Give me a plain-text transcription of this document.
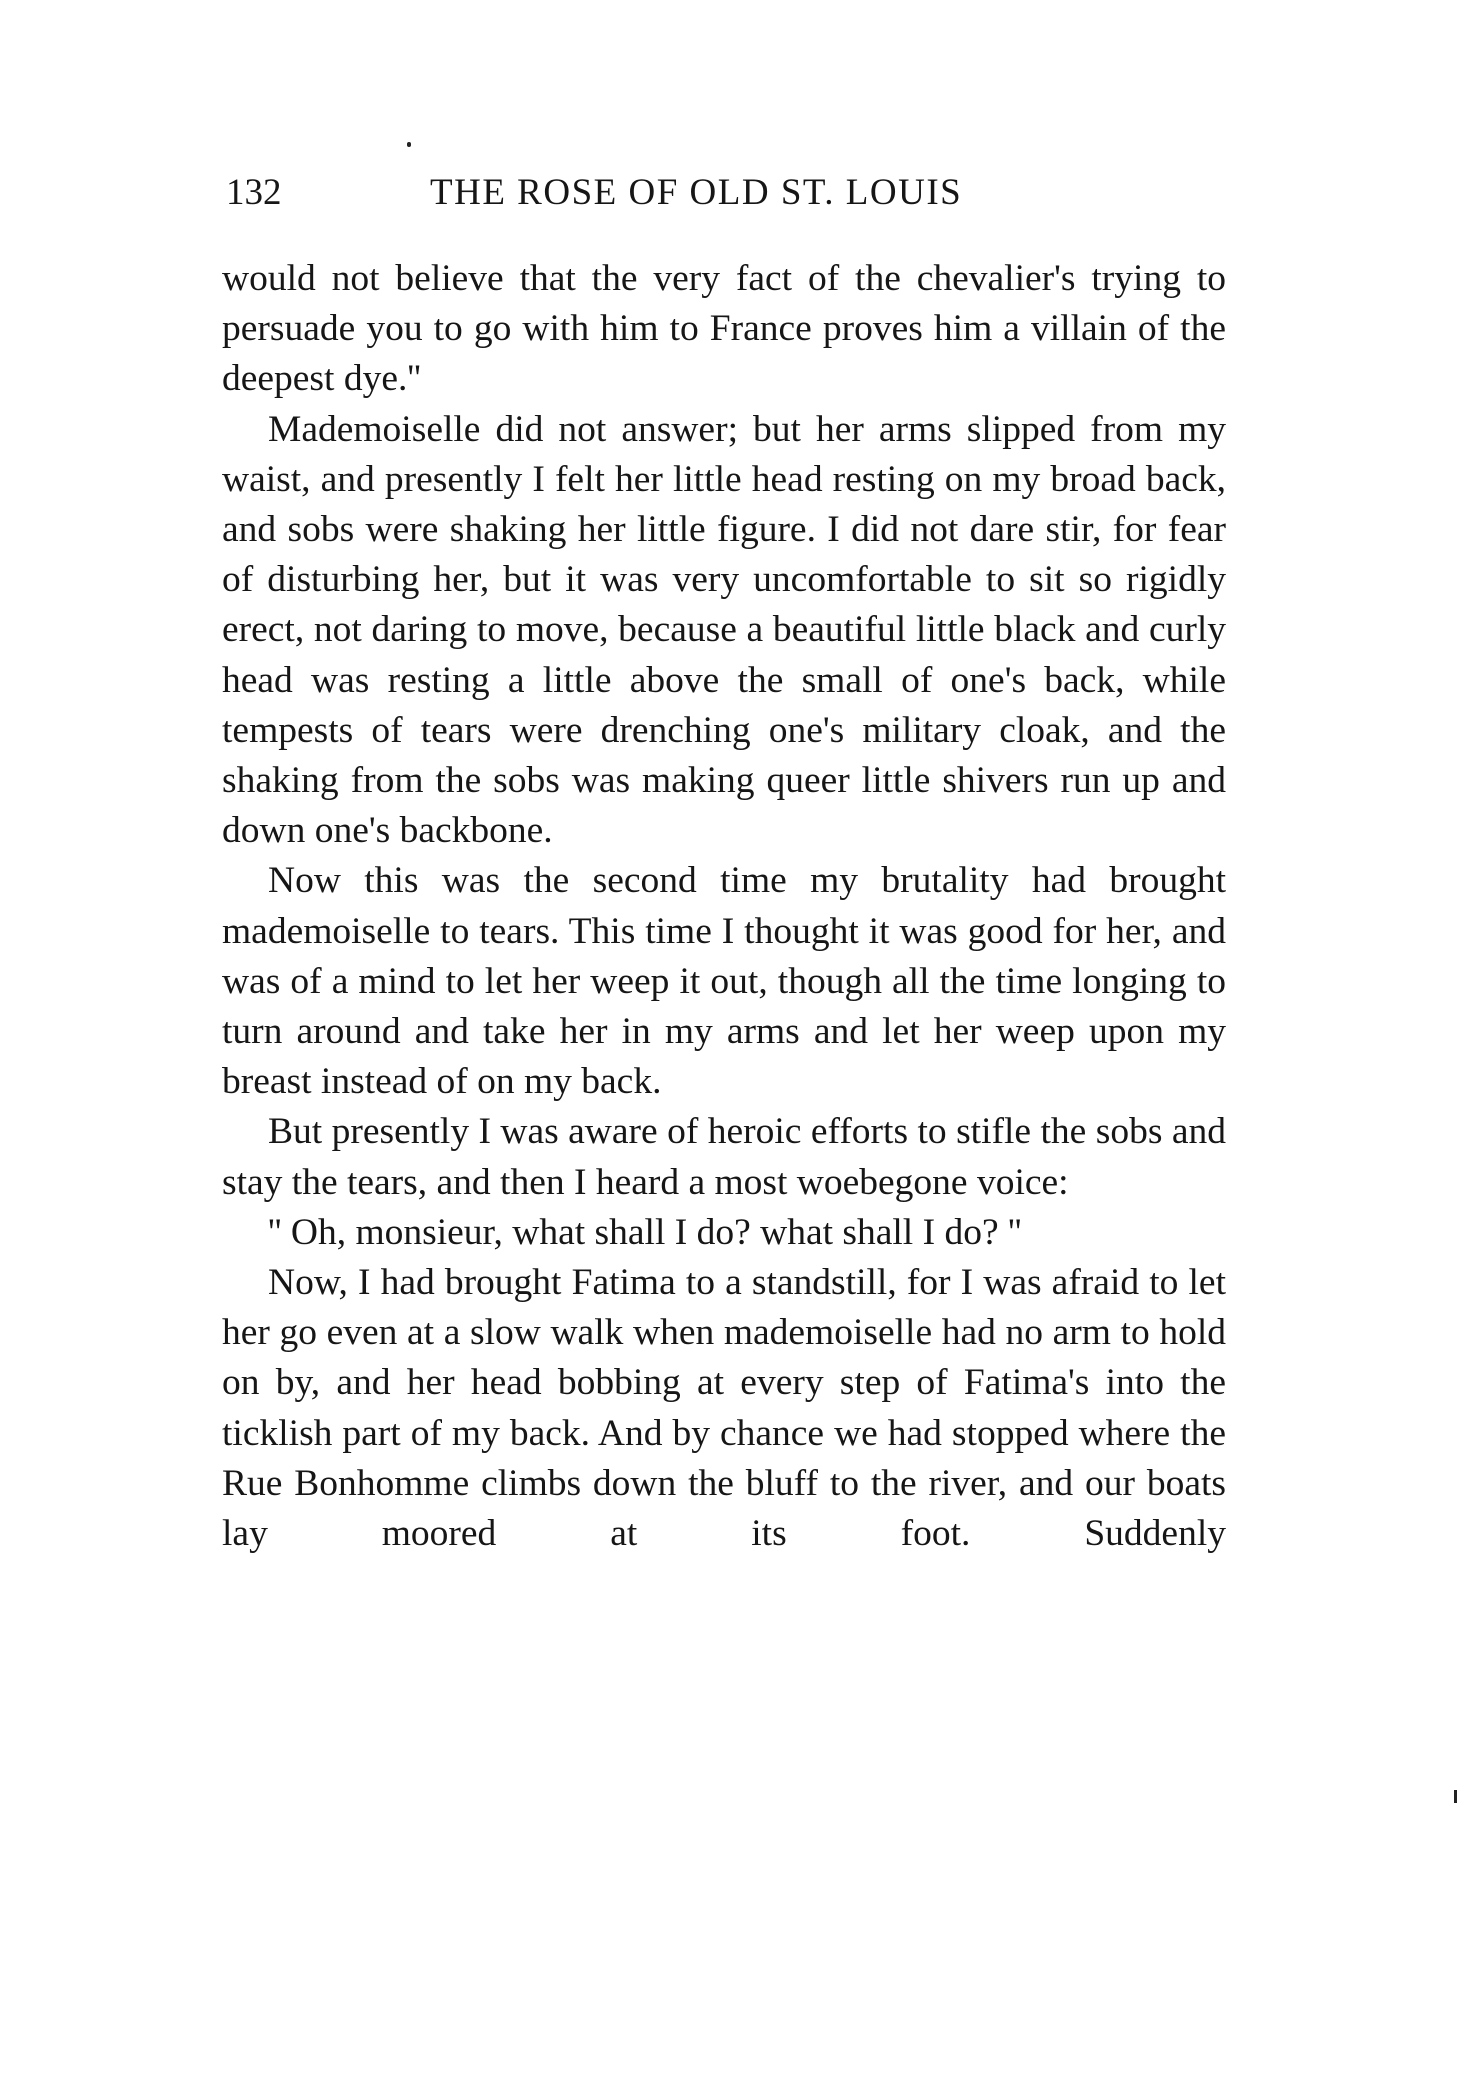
132	THE ROSE OF OLD ST. LOUIS

would not believe that the very fact of the chevalier's trying to persuade you to go with him to France proves him a villain of the deepest dye.''

Mademoiselle did not answer; but her arms slipped from my waist, and presently I felt her little head resting on my broad back, and sobs were shaking her little figure. I did not dare stir, for fear of disturbing her, but it was very uncomfortable to sit so rigidly erect, not daring to move, because a beautiful little black and curly head was resting a little above the small of one's back, while tempests of tears were drenching one's military cloak, and the shaking from the sobs was making queer little shivers run up and down one's backbone.

Now this was the second time my brutality had brought mademoiselle to tears. This time I thought it was good for her, and was of a mind to let her weep it out, though all the time longing to turn around and take her in my arms and let her weep upon my breast instead of on my back.

But presently I was aware of heroic efforts to stifle the sobs and stay the tears, and then I heard a most woebegone voice:

'' Oh, monsieur, what shall I do? what shall I do? ''

Now, I had brought Fatima to a standstill, for I was afraid to let her go even at a slow walk when mademoiselle had no arm to hold on by, and her head bobbing at every step of Fatima's into the ticklish part of my back. And by chance we had stopped where the Rue Bonhomme climbs down the bluff to the river, and our boats lay moored at its foot. Suddenly
